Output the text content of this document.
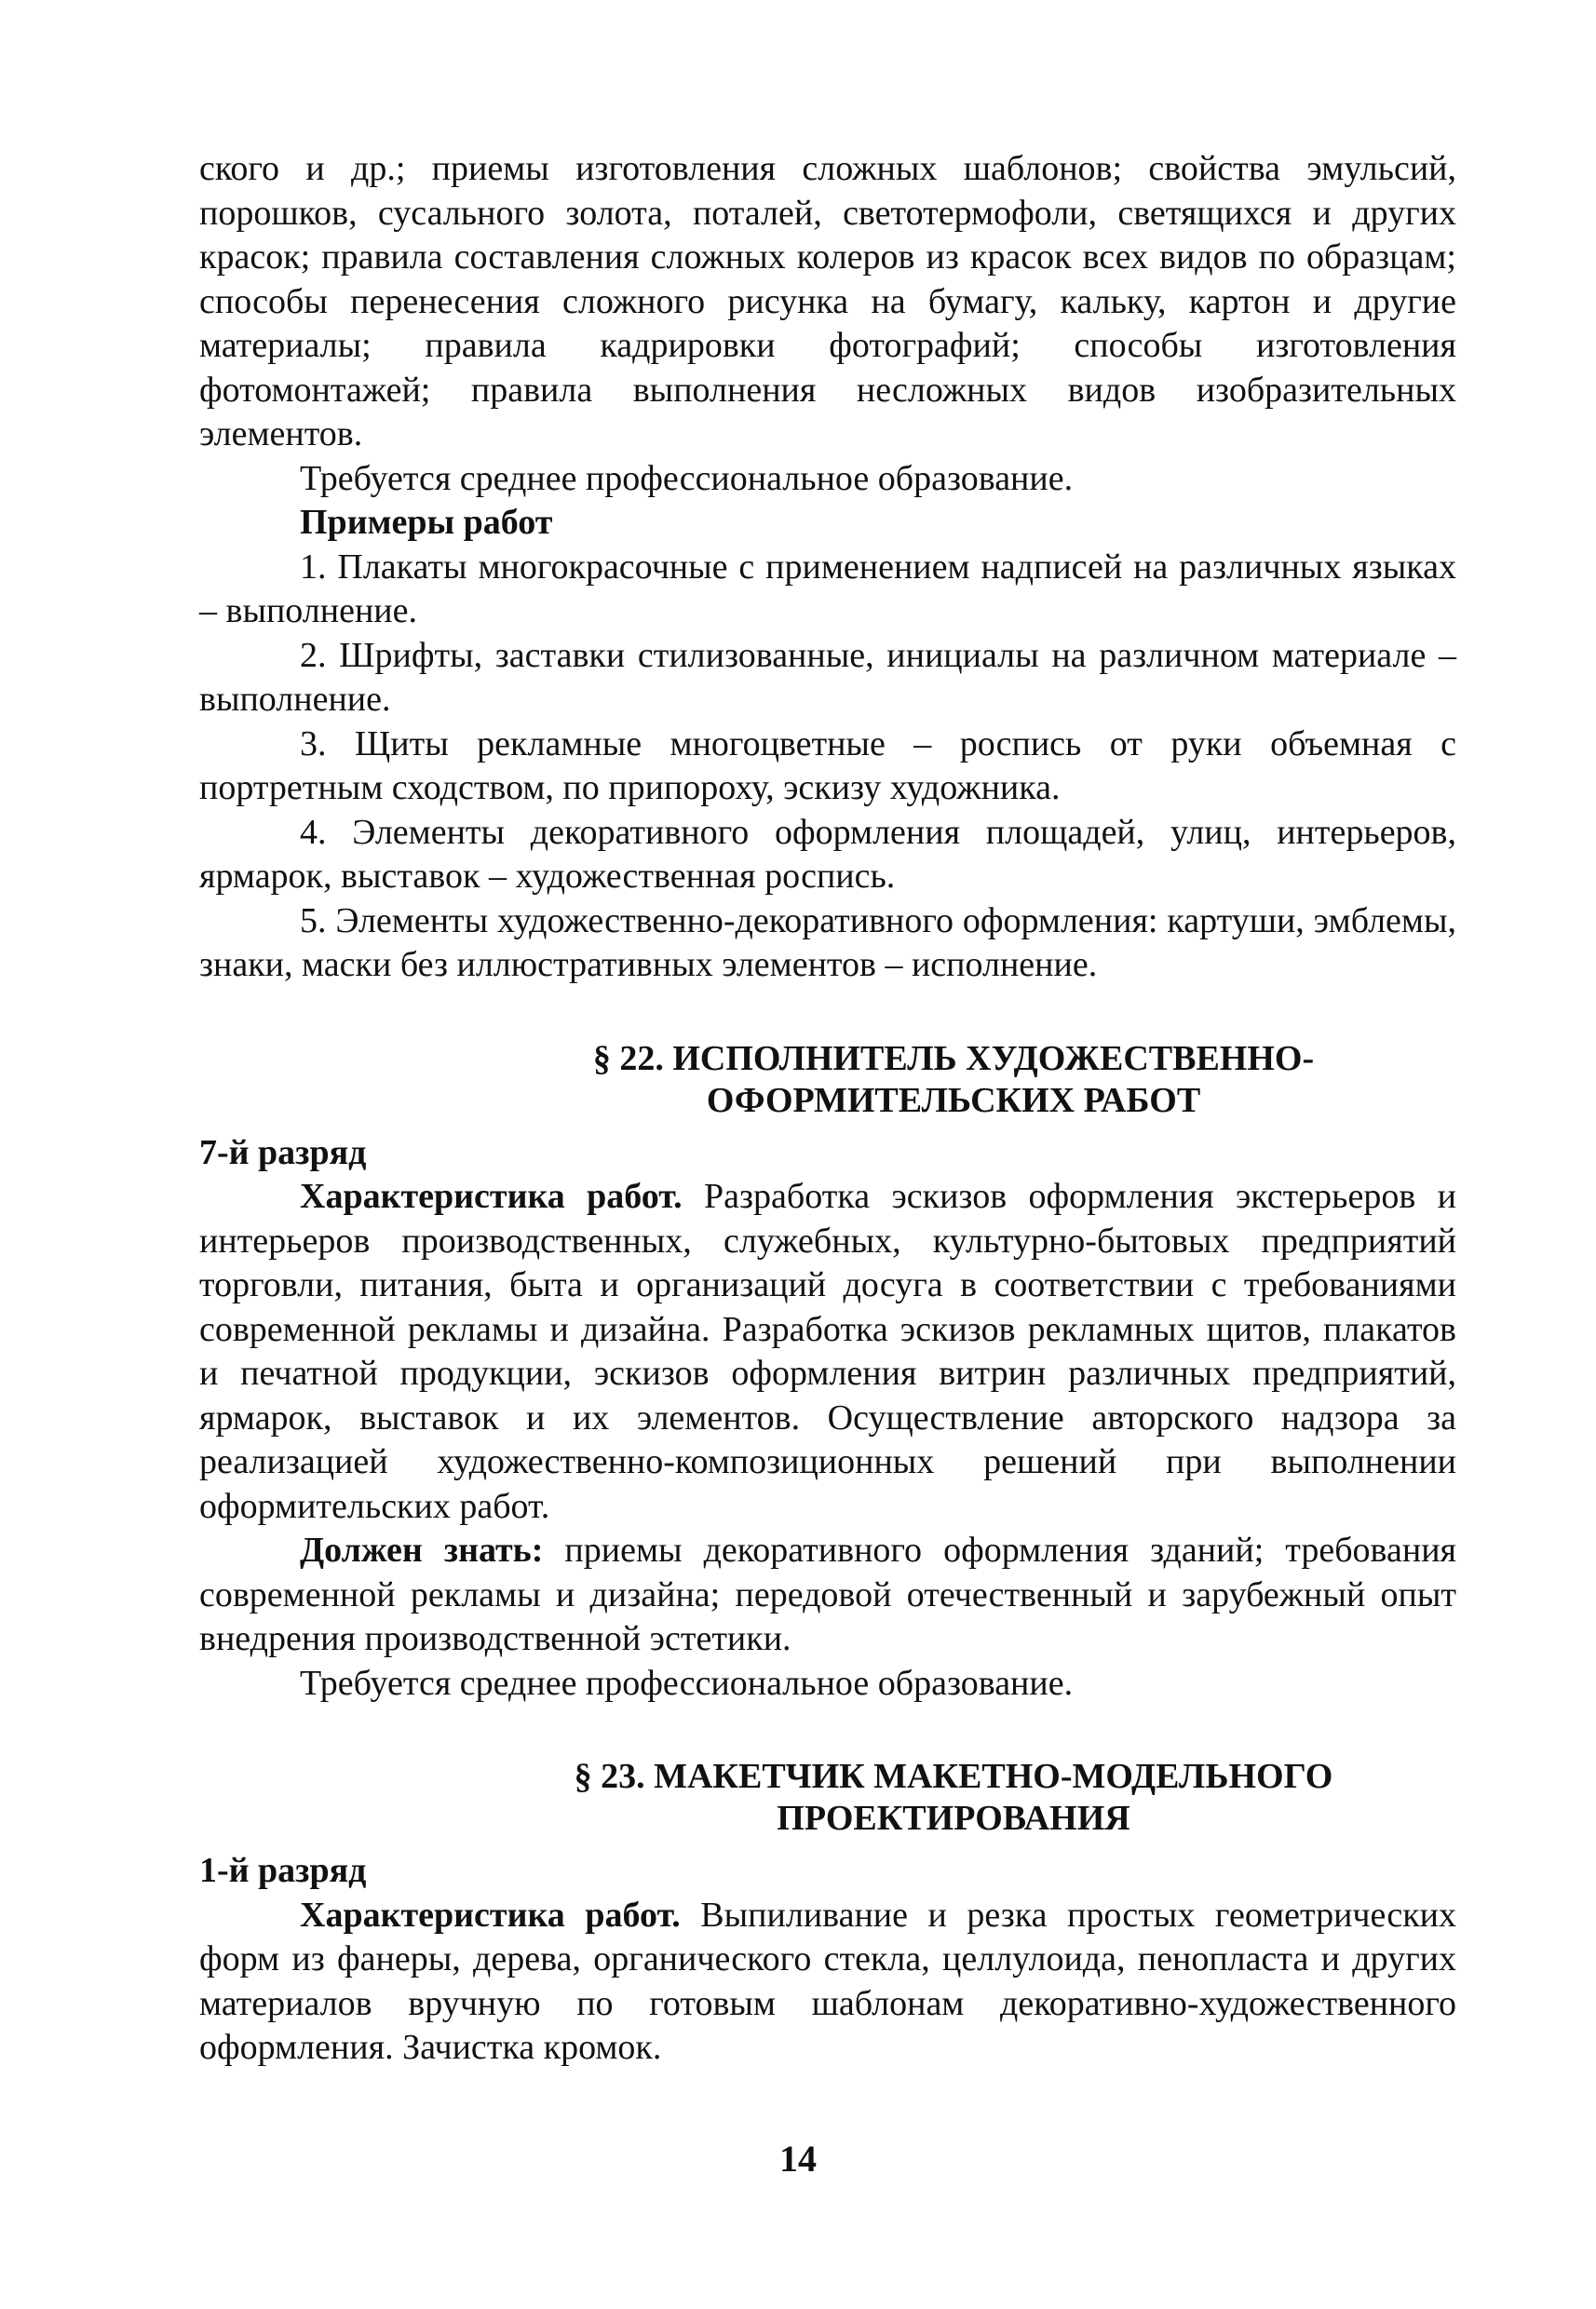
ского и др.; приемы изготовления сложных шаблонов; свойства эмульсий, порошков, сусального золота, поталей, светотермофоли, светящихся и других красок; правила составления сложных колеров из красок всех видов по образцам; способы перенесения сложного рисунка на бумагу, кальку, картон и другие материалы; правила кадрировки фотографий; способы изготовления фотомонтажей; правила выполнения несложных видов изобразительных элементов.

Требуется среднее профессиональное образование.

Примеры работ

1. Плакаты многокрасочные с применением надписей на различных языках – выполнение.

2. Шрифты, заставки стилизованные, инициалы на различном материале – выполнение.

3. Щиты рекламные многоцветные – роспись от руки объемная с портретным сходством, по припороху, эскизу художника.

4. Элементы декоративного оформления площадей, улиц, интерьеров, ярмарок, выставок – художественная роспись.

5. Элементы художественно-декоративного оформления: картуши, эмблемы, знаки, маски без иллюстративных элементов – исполнение.

§ 22. ИСПОЛНИТЕЛЬ ХУДОЖЕСТВЕННО-
ОФОРМИТЕЛЬСКИХ РАБОТ

7-й разряд

Характеристика работ. Разработка эскизов оформления экстерьеров и интерьеров производственных, служебных, культурно-бытовых предприятий торговли, питания, быта и организаций досуга в соответствии с требованиями современной рекламы и дизайна. Разработка эскизов рекламных щитов, плакатов и печатной продукции, эскизов оформления витрин различных предприятий, ярмарок, выставок и их элементов. Осуществление авторского надзора за реализацией художественно-композиционных решений при выполнении оформительских работ.

Должен знать: приемы декоративного оформления зданий; требования современной рекламы и дизайна; передовой отечественный и зарубежный опыт внедрения производственной эстетики.

Требуется среднее профессиональное образование.

§ 23. МАКЕТЧИК МАКЕТНО-МОДЕЛЬНОГО
ПРОЕКТИРОВАНИЯ

1-й разряд

Характеристика работ. Выпиливание и резка простых геометрических форм из фанеры, дерева, органического стекла, целлулоида, пенопласта и других материалов вручную по готовым шаблонам декоративно-художественного оформления. Зачистка кромок.

14
